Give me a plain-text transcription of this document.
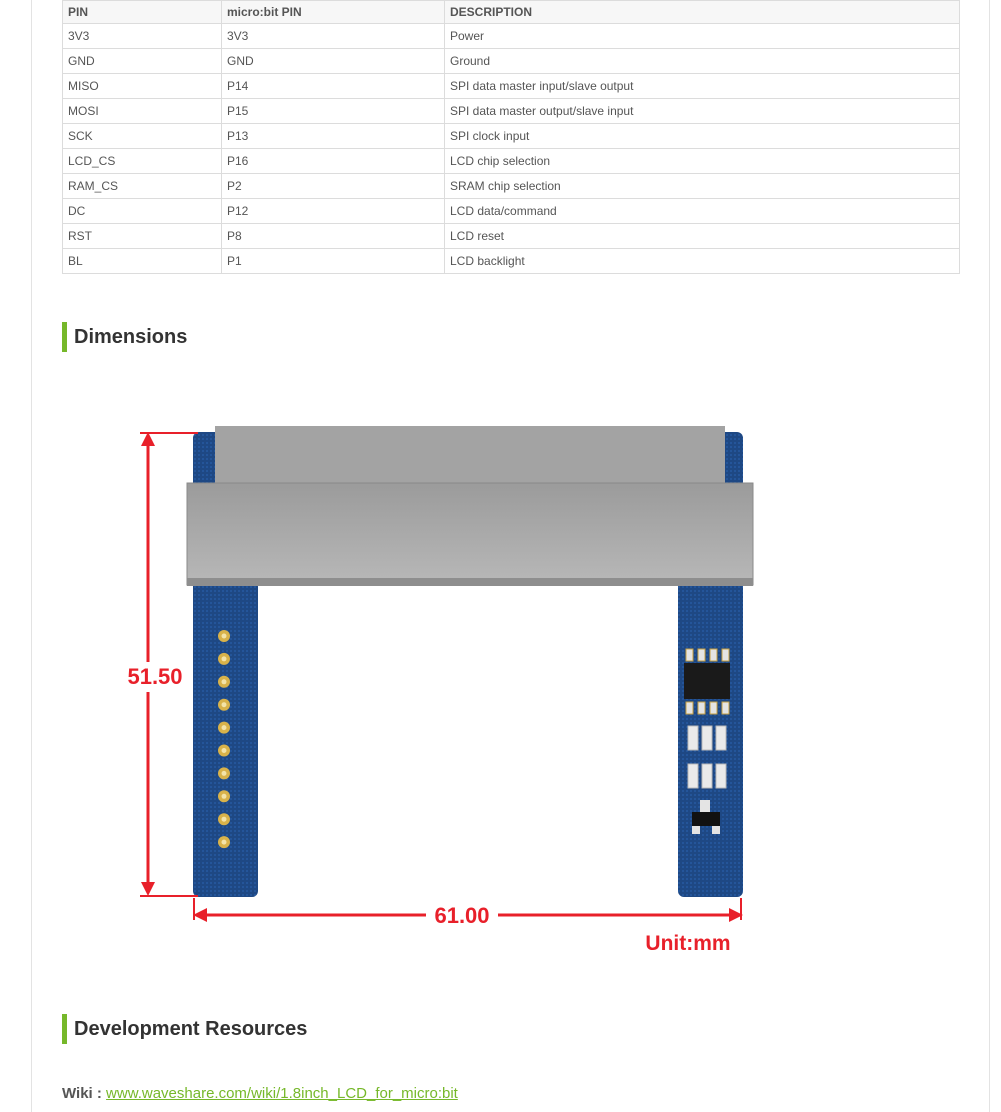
PIN	micro:bit PIN	DESCRIPTION
3V3	3V3	Power
GND	GND	Ground
MISO	P14	SPI data master input/slave output
MOSI	P15	SPI data master output/slave input
SCK	P13	SPI clock input
LCD_CS	P16	LCD chip selection
RAM_CS	P2	SRAM chip selection
DC	P12	LCD data/command
RST	P8	LCD reset
BL	P1	LCD backlight
Dimensions
51.50
61.00
Unit:mm
Development Resources
Wiki : www.waveshare.com/wiki/1.8inch_LCD_for_micro:bit
